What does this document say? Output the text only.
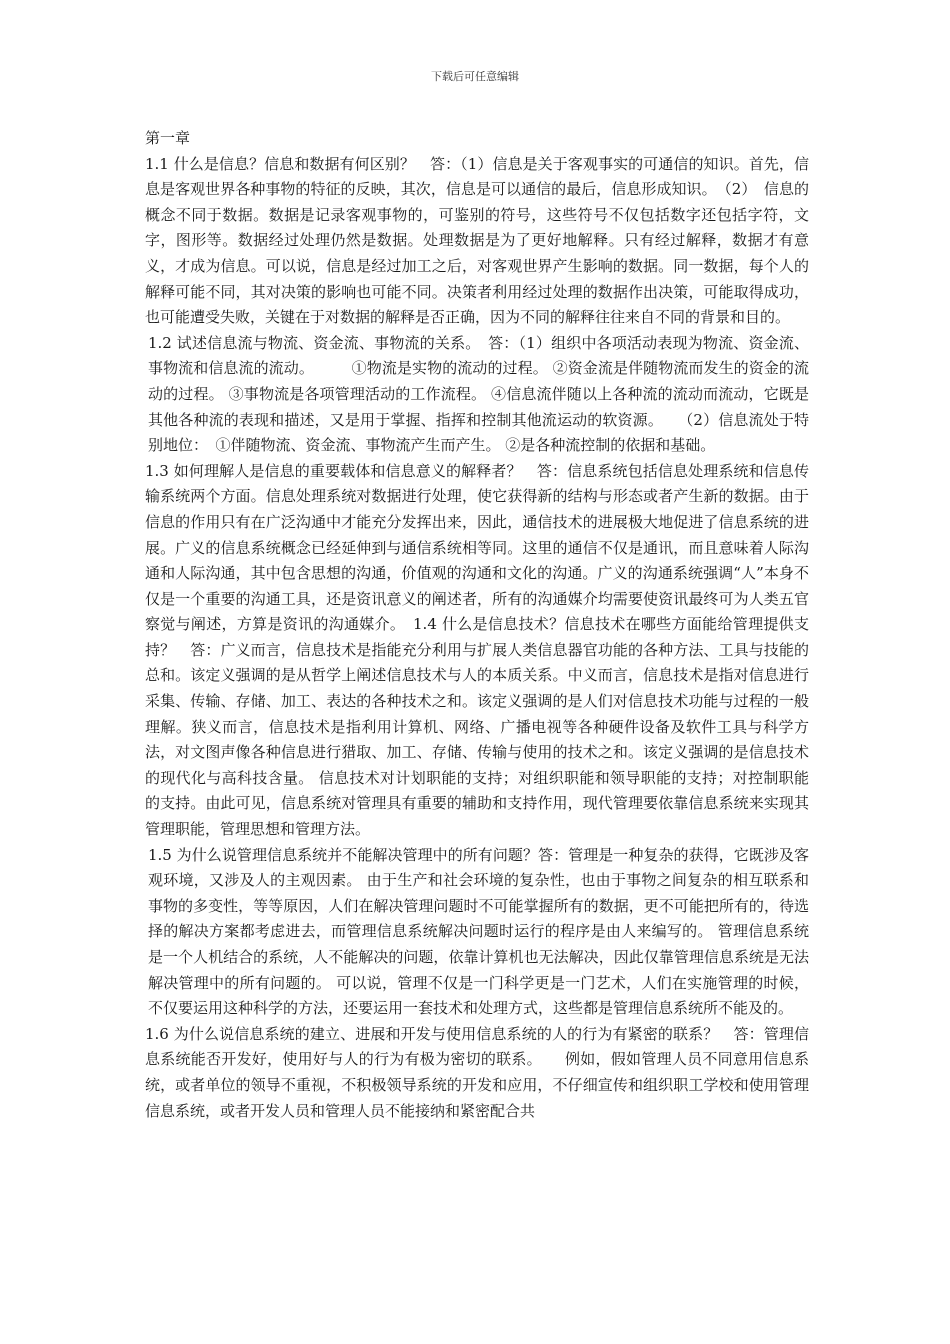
下载后可任意编辑

第一章

1.1 什么是信息？信息和数据有何区别？　答：（1）信息是关于客观事实的可通信的知识。首先，信息是客观世界各种事物的特征的反映，其次，信息是可以通信的最后，信息形成知识。　（2）　信息的概念不同于数据。数据是记录客观事物的，可鉴别的符号，这些符号不仅包括数字还包括字符，文字，图形等。数据经过处理仍然是数据。处理数据是为了更好地解释。只有经过解释，数据才有意义，才成为信息。可以说，信息是经过加工之后，对客观世界产生影响的数据。同一数据，每个人的解释可能不同，其对决策的影响也可能不同。决策者利用经过处理的数据作出决策，可能取得成功，也可能遭受失败，关键在于对数据的解释是否正确，因为不同的解释往往来自不同的背景和目的。

1.2 试述信息流与物流、资金流、事物流的关系。　答：（1）组织中各项活动表现为物流、资金流、事物流和信息流的流动。　　　①物流是实物的流动的过程。 ②资金流是伴随物流而发生的资金的流动的过程。 ③事物流是各项管理活动的工作流程。 ④信息流伴随以上各种流的流动而流动，它既是其他各种流的表现和描述，又是用于掌握、指挥和控制其他流运动的软资源。　　（2）信息流处于特别地位：　①伴随物流、资金流、事物流产生而产生。 ②是各种流控制的依据和基础。

1.3 如何理解人是信息的重要载体和信息意义的解释者？　答：信息系统包括信息处理系统和信息传输系统两个方面。信息处理系统对数据进行处理，使它获得新的结构与形态或者产生新的数据。由于信息的作用只有在广泛沟通中才能充分发挥出来，因此，通信技术的进展极大地促进了信息系统的进展。广义的信息系统概念已经延伸到与通信系统相等同。这里的通信不仅是通讯，而且意味着人际沟通和人际沟通，其中包含思想的沟通，价值观的沟通和文化的沟通。广义的沟通系统强调“人”本身不仅是一个重要的沟通工具，还是资讯意义的阐述者，所有的沟通媒介均需要使资讯最终可为人类五官察觉与阐述，方算是资讯的沟通媒介。　1.4 什么是信息技术？信息技术在哪些方面能给管理提供支持？　答：广义而言，信息技术是指能充分利用与扩展人类信息器官功能的各种方法、工具与技能的总和。该定义强调的是从哲学上阐述信息技术与人的本质关系。中义而言，信息技术是指对信息进行采集、传输、存储、加工、表达的各种技术之和。该定义强调的是人们对信息技术功能与过程的一般理解。狭义而言，信息技术是指利用计算机、网络、广播电视等各种硬件设备及软件工具与科学方法，对文图声像各种信息进行猎取、加工、存储、传输与使用的技术之和。该定义强调的是信息技术的现代化与高科技含量。 信息技术对计划职能的支持；对组织职能和领导职能的支持；对控制职能的支持。由此可见，信息系统对管理具有重要的辅助和支持作用，现代管理要依靠信息系统来实现其管理职能，管理思想和管理方法。

1.5 为什么说管理信息系统并不能解决管理中的所有问题？答：管理是一种复杂的获得，它既涉及客观环境，又涉及人的主观因素。 由于生产和社会环境的复杂性，也由于事物之间复杂的相互联系和事物的多变性，等等原因，人们在解决管理问题时不可能掌握所有的数据，更不可能把所有的，待选择的解决方案都考虑进去，而管理信息系统解决问题时运行的程序是由人来编写的。 管理信息系统是一个人机结合的系统，人不能解决的问题，依靠计算机也无法解决，因此仅靠管理信息系统是无法解决管理中的所有问题的。 可以说，管理不仅是一门科学更是一门艺术，人们在实施管理的时候，不仅要运用这种科学的方法，还要运用一套技术和处理方式，这些都是管理信息系统所不能及的。

1.6 为什么说信息系统的建立、进展和开发与使用信息系统的人的行为有紧密的联系？　答：管理信息系统能否开发好，使用好与人的行为有极为密切的联系。　　例如，假如管理人员不同意用信息系统，或者单位的领导不重视，不积极领导系统的开发和应用，不仔细宣传和组织职工学校和使用管理信息系统，或者开发人员和管理人员不能接纳和紧密配合共
